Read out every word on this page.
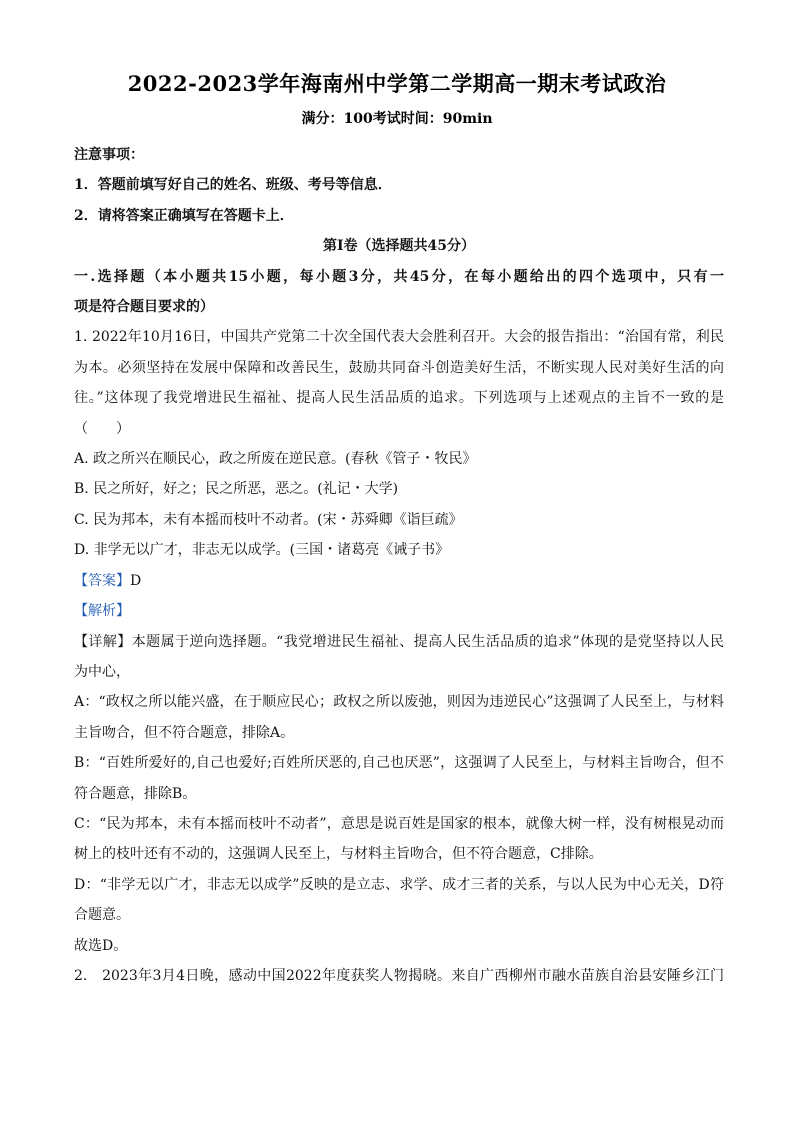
2022-2023学年海南州中学第二学期高一期末考试政治
满分：100考试时间：90min
注意事项：
1．答题前填写好自己的姓名、班级、考号等信息．
2．请将答案正确填写在答题卡上．
第Ⅰ卷（选择题共45分）
一.选择题（本小题共15小题，每小题3分，共45分，在每小题给出的四个选项中，只有一
项是符合题目要求的）
1. 2022年10月16日，中国共产党第二十次全国代表大会胜利召开。大会的报告指出：“治国有常，利民
为本。必须坚持在发展中保障和改善民生，鼓励共同奋斗创造美好生活，不断实现人民对美好生活的向
往。”这体现了我党增进民生福祉、提高人民生活品质的追求。下列选项与上述观点的主旨不一致的是
（　　）
A. 政之所兴在顺民心，政之所废在逆民意。(春秋《管子・牧民》
B. 民之所好，好之；民之所恶，恶之。(礼记・大学)
C. 民为邦本，未有本摇而枝叶不动者。(宋・苏舜卿《诣巨疏》
D. 非学无以广才，非志无以成学。(三国・诸葛亮《诫子书》
【答案】D
【解析】
【详解】本题属于逆向选择题。“我党增进民生福祉、提高人民生活品质的追求”体现的是党坚持以人民
为中心，
A：“政权之所以能兴盛，在于顺应民心；政权之所以废弛，则因为违逆民心”这强调了人民至上，与材料
主旨吻合，但不符合题意，排除A。
B：“百姓所爱好的,自己也爱好;百姓所厌恶的,自己也厌恶”，这强调了人民至上，与材料主旨吻合，但不
符合题意，排除B。
C：“民为邦本，未有本摇而枝叶不动者”，意思是说百姓是国家的根本，就像大树一样，没有树根晃动而
树上的枝叶还有不动的，这强调人民至上，与材料主旨吻合，但不符合题意，C排除。
D：“非学无以广才，非志无以成学”反映的是立志、求学、成才三者的关系，与以人民为中心无关，D符
合题意。
故选D。
2.　2023年3月4日晚，感动中国2022年度获奖人物揭晓。来自广西柳州市融水苗族自治县安陲乡江门
